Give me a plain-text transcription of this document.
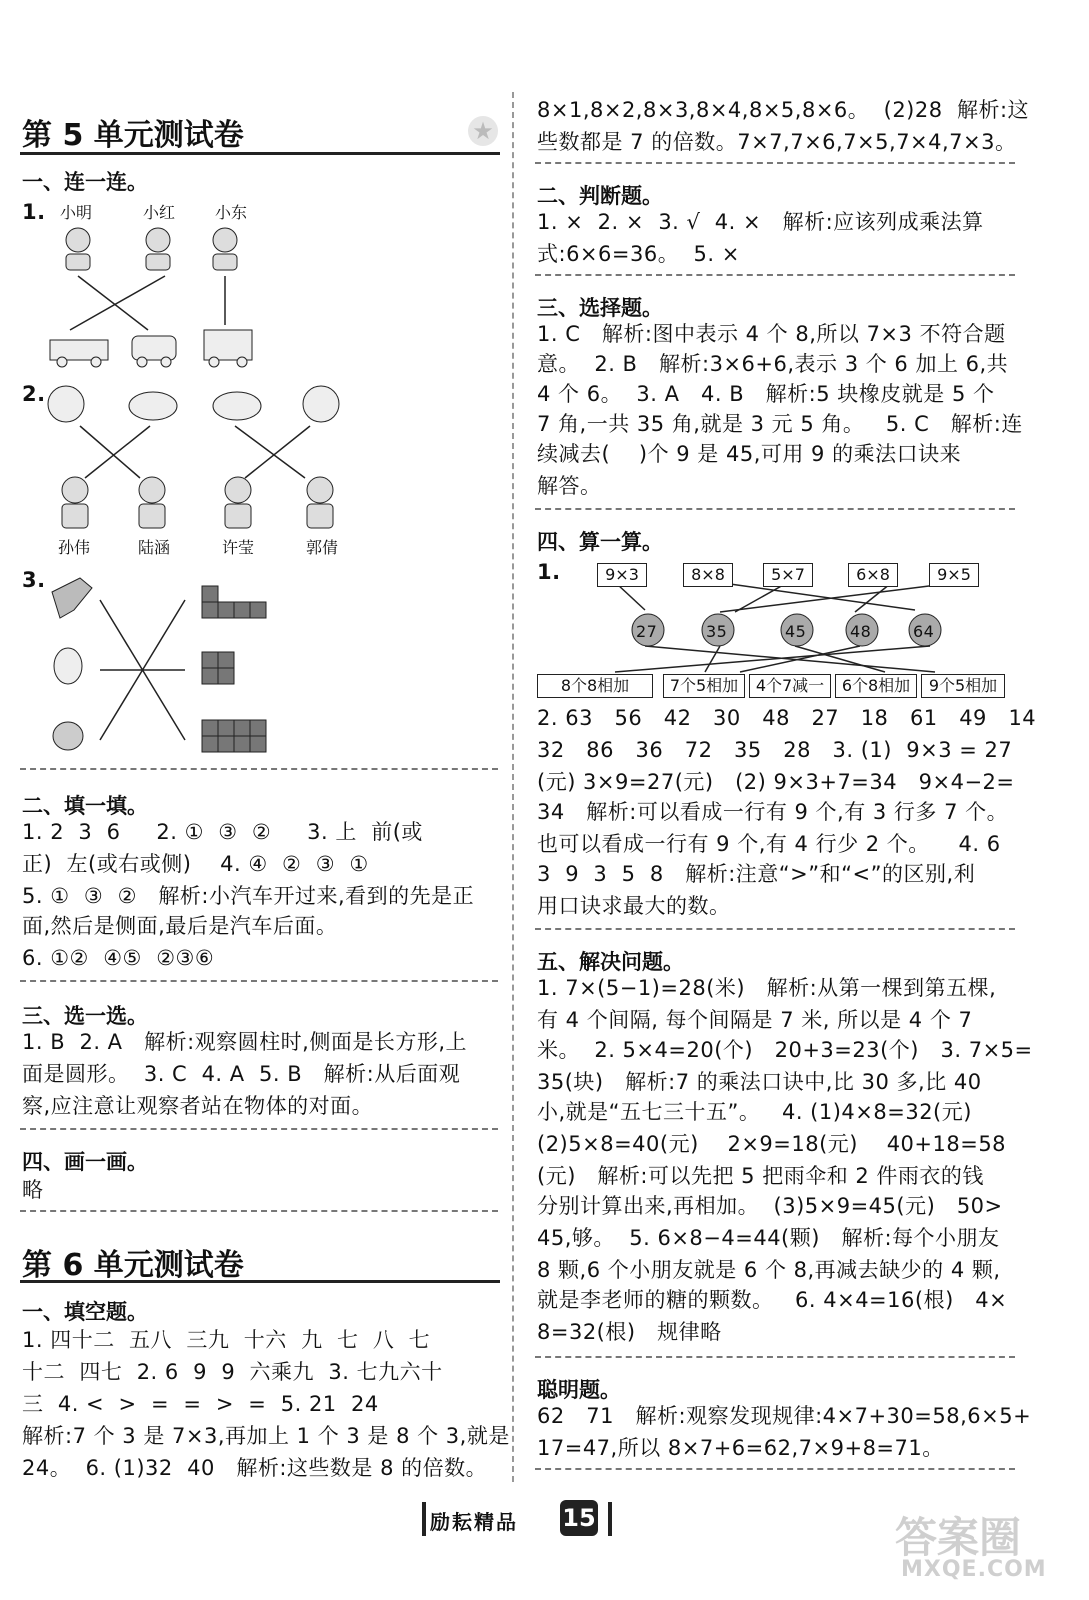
第 5 单元测试卷	★
一、连一连。
1. 小明	小红 小东
2.
孙伟	陆涵	许莹	郭倩
3.
二、填一填。
1. 2  3  6     2. ①  ③  ②     3. 上  前(或
正)  左(或右或侧)    4. ④  ②  ③  ①
5. ①  ③  ②   解析:小汽车开过来,看到的先是正
面,然后是侧面,最后是汽车后面。
6. ①②  ④⑤  ②③⑥
三、选一选。
1. B  2. A   解析:观察圆柱时,侧面是长方形,上
面是圆形。  3. C  4. A  5. B   解析:从后面观
察,应注意让观察者站在物体的对面。
四、画一画。
略
第 6 单元测试卷
一、填空题。
1. 四十二  五八  三九  十六  九  七  八  七
十二  四七  2. 6  9  9  六乘九  3. 七九六十
三  4. <  >  =  =  >  =  5. 21  24
解析:7 个 3 是 7×3,再加上 1 个 3 是 8 个 3,就是
24。  6. (1)32  40   解析:这些数是 8 的倍数。
8×1,8×2,8×3,8×4,8×5,8×6。  (2)28  解析:这
些数都是 7 的倍数。7×7,7×6,7×5,7×4,7×3。
二、判断题。
1. ×  2. ×  3. √  4. ×   解析:应该列成乘法算
式:6×6=36。  5. ×
三、选择题。
1. C   解析:图中表示 4 个 8,所以 7×3 不符合题
意。  2. B   解析:3×6+6,表示 3 个 6 加上 6,共
4 个 6。  3. A   4. B   解析:5 块橡皮就是 5 个
7 角,一共 35 角,就是 3 元 5 角。   5. C   解析:连
续减去(    )个 9 是 45,可用 9 的乘法口诀来
解答。
四、算一算。
1.	9×3	8×8	5×7	6×8	9×5
27	35	45	48	64
8个8相加	7个5相加	4个7减一	6个8相加	9个5相加
2. 63   56   42   30   48   27   18   61   49   14
32   86   36   72   35   28   3. (1)  9×3 = 27
(元) 3×9=27(元)   (2) 9×3+7=34   9×4−2=
34   解析:可以看成一行有 9 个,有 3 行多 7 个。
也可以看成一行有 9 个,有 4 行少 2 个。    4. 6
3  9  3  5  8   解析:注意“>”和“<”的区别,利
用口诀求最大的数。
五、解决问题。
1. 7×(5−1)=28(米)   解析:从第一棵到第五棵,
有 4 个间隔, 每个间隔是 7 米, 所以是 4 个 7
米。  2. 5×4=20(个)   20+3=23(个)   3. 7×5=
35(块)   解析:7 的乘法口诀中,比 30 多,比 40
小,就是“五七三十五”。   4. (1)4×8=32(元)
(2)5×8=40(元)    2×9=18(元)    40+18=58
(元)   解析:可以先把 5 把雨伞和 2 件雨衣的钱
分别计算出来,再相加。  (3)5×9=45(元)   50>
45,够。  5. 6×8−4=44(颗)   解析:每个小朋友
8 颗,6 个小朋友就是 6 个 8,再减去缺少的 4 颗,
就是李老师的糖的颗数。   6. 4×4=16(根)   4×
8=32(根)   规律略
聪明题。
62   71   解析:观察发现规律:4×7+30=58,6×5+
17=47,所以 8×7+6=62,7×9+8=71。
励耘精品 15	答案圈
MXQE.COM
